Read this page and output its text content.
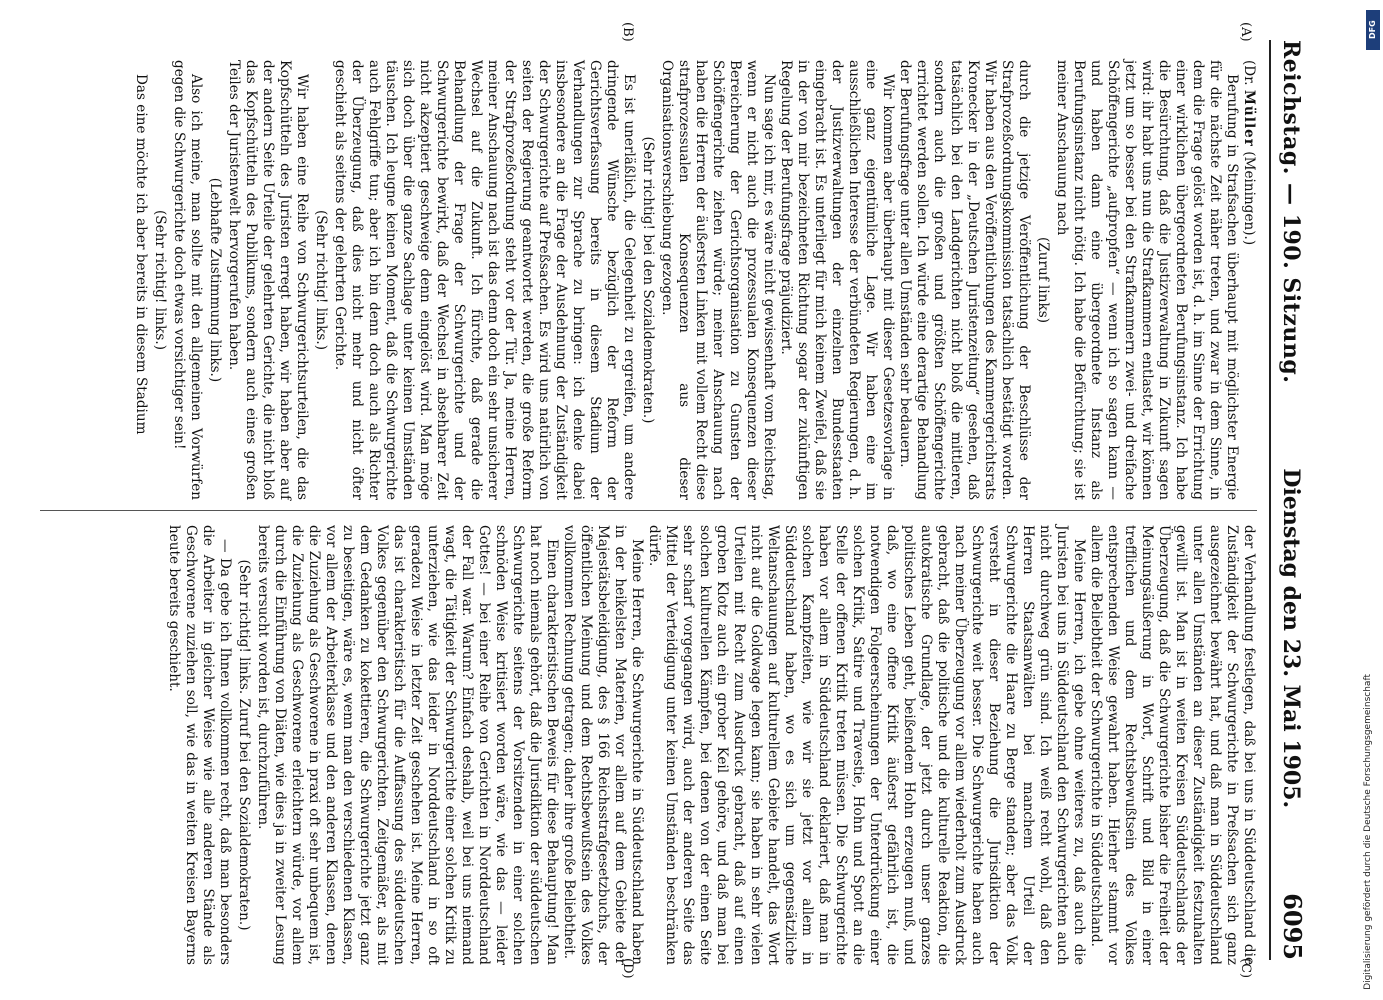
Reichstag. — 190. Sitzung.
Dienstag den 23. Mai 1905.
6095
(A)
(B)
(C)
(D)

(Dr. Müller (Meiningen).)

Berufung in Strafsachen überhaupt mit möglichster Energie für die nächste Zeit näher treten, und zwar in dem Sinne, in dem die Frage gelöst worden ist, d. h. im Sinne der Errichtung einer wirklichen übergeordneten Berufungsinstanz. Ich habe die Besürchtung, daß die Justizverwaltung in Zukunft sagen wird: ihr habt uns nun die Strafkammern entlastet, wir können jetzt um so besser bei den Strafkammern zwei- und dreifache Schöffengerichte „aufpropfen“ — wenn ich so sagen kann — und haben dann eine übergeordnete Instanz als Berufungsinstanz nicht nötig. Ich habe die Befürchtung; sie ist meiner Anschauung nach

(Zuruf links)

durch die jetzige Veröffentlichung der Beschlüsse der Strafprozeßordnungskommission tatsächlich bestätigt worden. Wir haben aus den Veröffentlichungen des Kammergerichtsrats Kronecker in der „Deutschen Juristenzeitung“ gesehen, daß tatsächlich bei den Landgerichten nicht bloß die mittleren, sondern auch die großen und größten Schöffengerichte errichtet werden sollen. Ich würde eine derartige Behandlung der Berufungsfrage unter allen Umständen sehr bedauern.

Wir kommen aber überhaupt mit dieser Gesetzesvorlage in eine ganz eigentümliche Lage. Wir haben eine im ausschließlichen Interesse der verbündeten Regierungen, d. h. der Justizverwaltungen der einzelnen Bundesstaaten eingebracht ist. Es unterliegt für mich keinem Zweifel, daß sie in der von mir bezeichneten Richtung sogar der zukünftigen Regelung der Berufungsfrage präjudiziert.

Nun sage ich mir, es wäre nicht gewissenhaft vom Reichstag, wenn er nicht auch die prozessualen Konsequenzen dieser Bereicherung der Gerichtsorganisation zu Gunsten der Schöffengerichte ziehen würde; meiner Anschauung nach haben die Herren der äußersten Linken mit vollem Recht diese strafprozessualen Konsequenzen aus dieser Organisationsverschiebung gezogen.

(Sehr richtig! bei den Sozialdemokraten.)

Es ist unerläßlich, die Gelegenheit zu ergreifen, um andere dringende Wünsche bezüglich der Reform der Gerichtsverfassung bereits in diesem Stadium der Verhandlungen zur Sprache zu bringen: ich denke dabei insbesondere an die Frage der Ausdehnung der Zuständigkeit der Schwurgerichte auf Preßsachen. Es wird uns natürlich von seiten der Regierung geantwortet werden, die große Reform der Strafprozeßordnung steht vor der Tür. Ja, meine Herren, meiner Anschauung nach ist das denn doch ein sehr unsicherer Wechsel auf die Zukunft. Ich fürchte, daß gerade die Behandlung der Frage der Schwurgerichte und der Schwurgerichte bewirkt, daß der Wechsel in absehbarer Zeit nicht akzeptiert geschweige denn eingelöst wird. Man möge sich doch über die ganze Sachlage unter keinen Umständen täuschen. Ich leugne keinen Moment, daß die Schwurgerichte auch Fehlgriffe tun; aber ich bin denn doch auch als Richter der Überzeugung, daß dies nicht mehr und nicht öfter geschieht als seitens der gelehrten Gerichte.

(Sehr richtig! links.)

Wir haben eine Reihe von Schwurgerichtsurteilen, die das Kopfschütteln des Juristen erregt haben, wir haben aber auf der andern Seite Urteile der gelehrten Gerichte, die nicht bloß das Kopfschütteln des Publikums, sondern auch eines großen Teiles der Juristenwelt hervorgerufen haben.

(Lebhafte Zustimmung links.)

Also ich meine, man sollte mit den allgemeinen Vorwürfen gegen die Schwurgerichte doch etwas vorsichtiger sein!

(Sehr richtig! links.)

Das eine möchte ich aber bereits in diesem Stadium

der Verhandlung festlegen, daß bei uns in Süddeutschland die Zuständigkeit der Schwurgerichte in Preßsachen sich ganz ausgezeichnet bewährt hat, und daß man in Süddeutschland unter allen Umständen an dieser Zuständigkeit festzuhalten gewillt ist. Man ist in weiten Kreisen Süddeutschlands der Überzeugung, daß die Schwurgerichte bisher die Freiheit der Meinungsäußerung in Wort, Schrift und Bild in einer trefflichen und dem Rechtsbewußtsein des Volkes entsprechenden Weise gewahrt haben. Hierher stammt vor allem die Beliebtheit der Schwurgerichte in Süddeutschland.

Meine Herren, ich gebe ohne weiteres zu, daß auch die Juristen bei uns in Süddeutschland den Schwurgerichten auch nicht durchweg grün sind. Ich weiß recht wohl, daß den Herren Staatsanwälten bei manchem Urteil der Schwurgerichte die Haare zu Berge standen; aber das Volk versteht in dieser Beziehung die Jurisdiktion der Schwurgerichte weit besser. Die Schwurgerichte haben auch nach meiner Überzeugung vor allem wiederholt zum Ausdruck gebracht, daß die politische und die kulturelle Reaktion, die autokratische Grundlage, der jetzt durch unser ganzes politisches Leben geht, beißendem Hohn erzeugen muß, und daß, wo eine offene Kritik äußerst gefährlich ist, die notwendigen Folgeerscheinungen der Unterdrückung einer solchen Kritik, Satire und Travestie, Hohn und Spott an die Stelle der offenen Kritik treten müssen. Die Schwurgerichte haben vor allem in Süddeutschland deklariert, daß man in solchen Kampfzeiten, wie wir sie jetzt vor allem in Süddeutschland haben, wo es sich um gegensätzliche Weltanschauungen auf kulturellem Gebiete handelt, das Wort nicht auf die Goldwage legen kann; sie haben in sehr vielen Urteilen mit Recht zum Ausdruck gebracht, daß auf einen groben Klotz auch ein grober Keil gehöre, und daß man bei solchen kulturellen Kämpfen, bei denen von der einen Seite sehr scharf vorgegangen wird, auch der anderen Seite das Mittel der Verteidigung unter keinen Umständen beschränken dürfe.

Meine Herren, die Schwurgerichte in Süddeutschland haben in der heikelsten Materien, vor allem auf dem Gebiete der Majestätsbeleidigung, des § 166 Reichsstrafgesetzbuchs, der öffentlichen Meinung und dem Rechtsbewußtsein des Volkes vollkommen Rechnung getragen; daher ihre große Beliebtheit.

Einen charakteristischen Beweis für diese Behauptung! Man hat noch niemals gehört, daß die Jurisdiktion der süddeutschen Schwurgerichte seitens der Vorsitzenden in einer solchen schnöden Weise kritisiert worden wäre, wie das — leider Gottes! — bei einer Reihe von Gerichten in Norddeutschland der Fall war. Warum? Einfach deshalb, weil bei uns niemand wagt, die Tätigkeit der Schwurgerichte einer solchen Kritik zu unterziehen, wie das leider in Norddeutschland in so oft geradezu Weise in letzter Zeit geschehen ist. Meine Herren, das ist charakteristisch für die Auffassung des süddeutschen Volkes gegenüber den Schwurgerichten. Zeitgemäßer, als mit dem Gedanken zu kokettieren, die Schwurgerichte jetzt ganz zu beseitigen, wäre es, wenn man den verschiedenen Klassen, vor allem der Arbeiterklasse und den anderen Klassen, denen die Zuziehung als Geschworene in praxi oft sehr unbequem ist, die Zuziehung als Geschworene erleichtern würde, vor allem durch die Einführung von Diäten, wie dies ja in zweiter Lesung bereits versucht worden ist, durchzuführen.

(Sehr richtig! links. Zuruf bei den Sozialdemokraten.)

— Da gebe ich Ihnen vollkommen recht, daß man besonders die Arbeiter in gleicher Weise wie alle anderen Stände als Geschworene zuziehen soll, wie das in weiten Kreisen Bayerns heute bereits geschieht.

Digitalisierung gefördert durch die Deutsche Forschungsgemeinschaft
DFG
